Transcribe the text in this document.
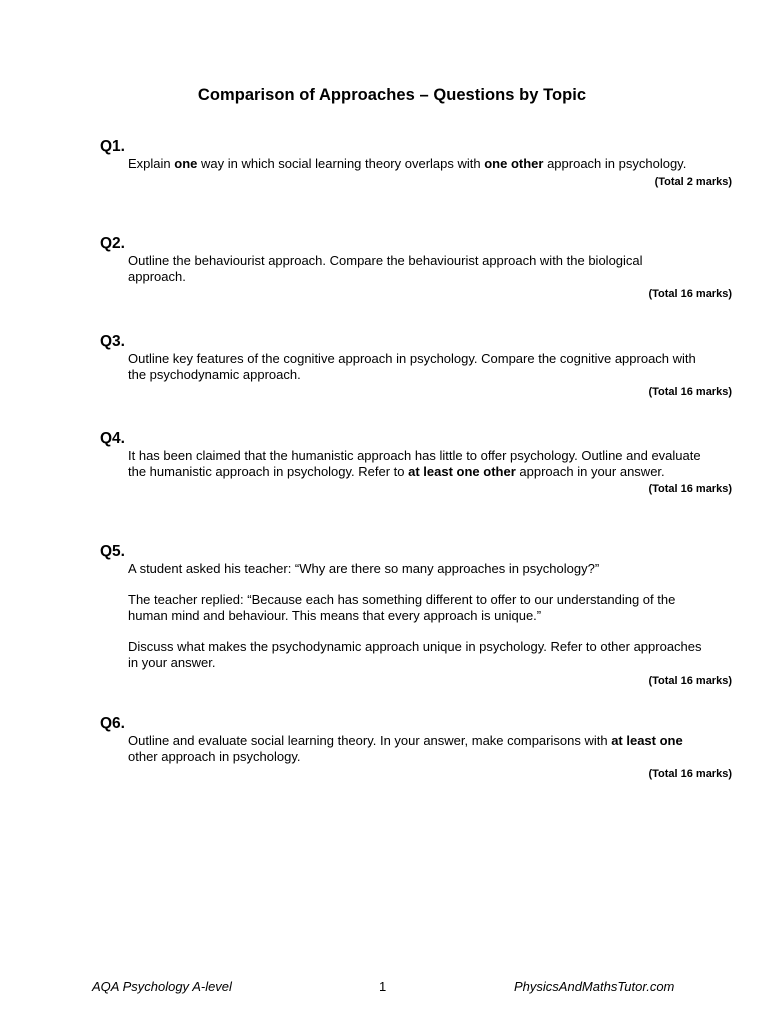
Comparison of Approaches – Questions by Topic
Q1.

Explain one way in which social learning theory overlaps with one other approach in psychology.

(Total 2 marks)
Q2.

Outline the behaviourist approach. Compare the behaviourist approach with the biological approach.

(Total 16 marks)
Q3.

Outline key features of the cognitive approach in psychology. Compare the cognitive approach with the psychodynamic approach.

(Total 16 marks)
Q4.

It has been claimed that the humanistic approach has little to offer psychology. Outline and evaluate the humanistic approach in psychology. Refer to at least one other approach in your answer.

(Total 16 marks)
Q5.

A student asked his teacher: “Why are there so many approaches in psychology?”

The teacher replied: “Because each has something different to offer to our understanding of the human mind and behaviour. This means that every approach is unique.”

Discuss what makes the psychodynamic approach unique in psychology. Refer to other approaches in your answer.

(Total 16 marks)
Q6.

Outline and evaluate social learning theory. In your answer, make comparisons with at least one other approach in psychology.

(Total 16 marks)
AQA Psychology A-level	1	PhysicsAndMathsTutor.com
